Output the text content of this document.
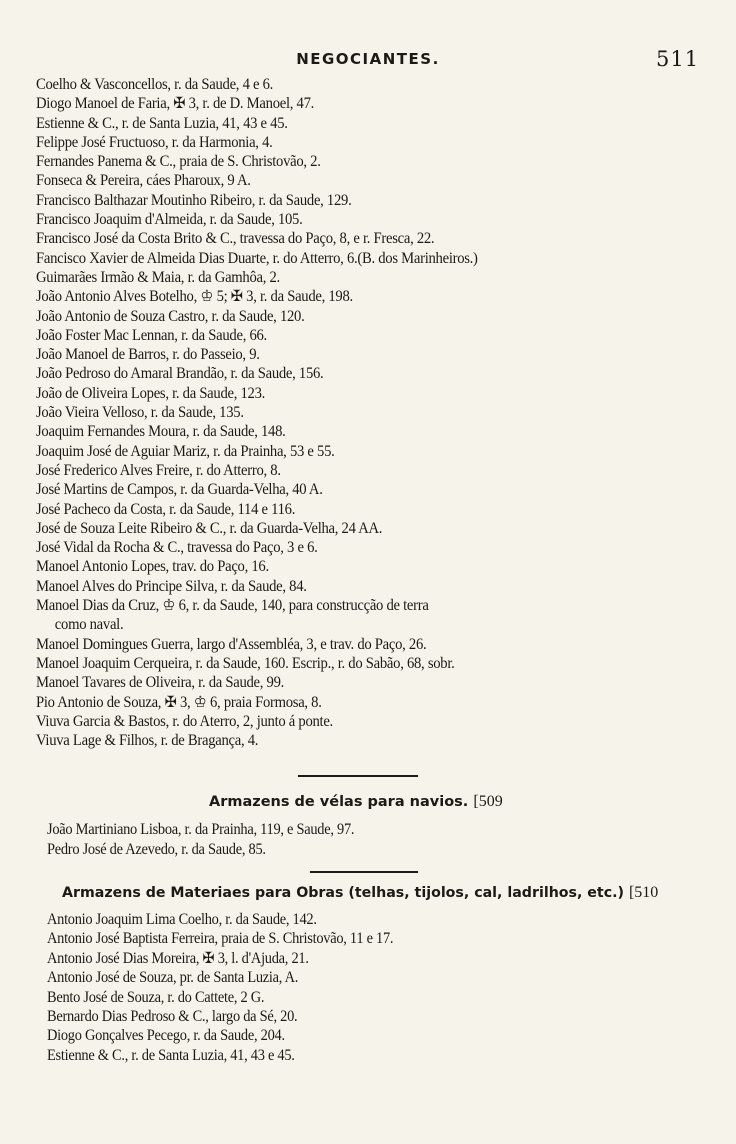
NEGOCIANTES.	511
Coelho & Vasconcellos, r. da Saude, 4 e 6.
Diogo Manoel de Faria, ✠ 3, r. de D. Manoel, 47.
Estienne & C., r. de Santa Luzia, 41, 43 e 45.
Felippe José Fructuoso, r. da Harmonia, 4.
Fernandes Panema & C., praia de S. Christovão, 2.
Fonseca & Pereira, cáes Pharoux, 9 A.
Francisco Balthazar Moutinho Ribeiro, r. da Saude, 129.
Francisco Joaquim d'Almeida, r. da Saude, 105.
Francisco José da Costa Brito & C., travessa do Paço, 8, e r. Fresca, 22.
Fancisco Xavier de Almeida Dias Duarte, r. do Atterro, 6.(B. dos Marinheiros.)
Guimarães Irmão & Maia, r. da Gamhôa, 2.
João Antonio Alves Botelho, ♔ 5; ✠ 3, r. da Saude, 198.
João Antonio de Souza Castro, r. da Saude, 120.
João Foster Mac Lennan, r. da Saude, 66.
João Manoel de Barros, r. do Passeio, 9.
João Pedroso do Amaral Brandão, r. da Saude, 156.
João de Oliveira Lopes, r. da Saude, 123.
João Vieira Velloso, r. da Saude, 135.
Joaquim Fernandes Moura, r. da Saude, 148.
Joaquim José de Aguiar Mariz, r. da Prainha, 53 e 55.
José Frederico Alves Freire, r. do Atterro, 8.
José Martins de Campos, r. da Guarda-Velha, 40 A.
José Pacheco da Costa, r. da Saude, 114 e 116.
José de Souza Leite Ribeiro & C., r. da Guarda-Velha, 24 AA.
José Vidal da Rocha & C., travessa do Paço, 3 e 6.
Manoel Antonio Lopes, trav. do Paço, 16.
Manoel Alves do Principe Silva, r. da Saude, 84.
Manoel Dias da Cruz, ♔ 6, r. da Saude, 140, para construcção de terra
como naval.
Manoel Domingues Guerra, largo d'Assembléa, 3, e trav. do Paço, 26.
Manoel Joaquim Cerqueira, r. da Saude, 160. Escrip., r. do Sabão, 68, sobr.
Manoel Tavares de Oliveira, r. da Saude, 99.
Pio Antonio de Souza, ✠ 3, ♔ 6, praia Formosa, 8.
Viuva Garcia & Bastos, r. do Aterro, 2, junto á ponte.
Viuva Lage & Filhos, r. de Bragança, 4.
Armazens de vélas para navios. [509
João Martiniano Lisboa, r. da Prainha, 119, e Saude, 97.
Pedro José de Azevedo, r. da Saude, 85.
Armazens de Materiaes para Obras (telhas, tijolos, cal, ladrilhos, etc.) [510
Antonio Joaquim Lima Coelho, r. da Saude, 142.
Antonio José Baptista Ferreira, praia de S. Christovão, 11 e 17.
Antonio José Dias Moreira, ✠ 3, l. d'Ajuda, 21.
Antonio José de Souza, pr. de Santa Luzia, A.
Bento José de Souza, r. do Cattete, 2 G.
Bernardo Dias Pedroso & C., largo da Sé, 20.
Diogo Gonçalves Pecego, r. da Saude, 204.
Estienne & C., r. de Santa Luzia, 41, 43 e 45.
